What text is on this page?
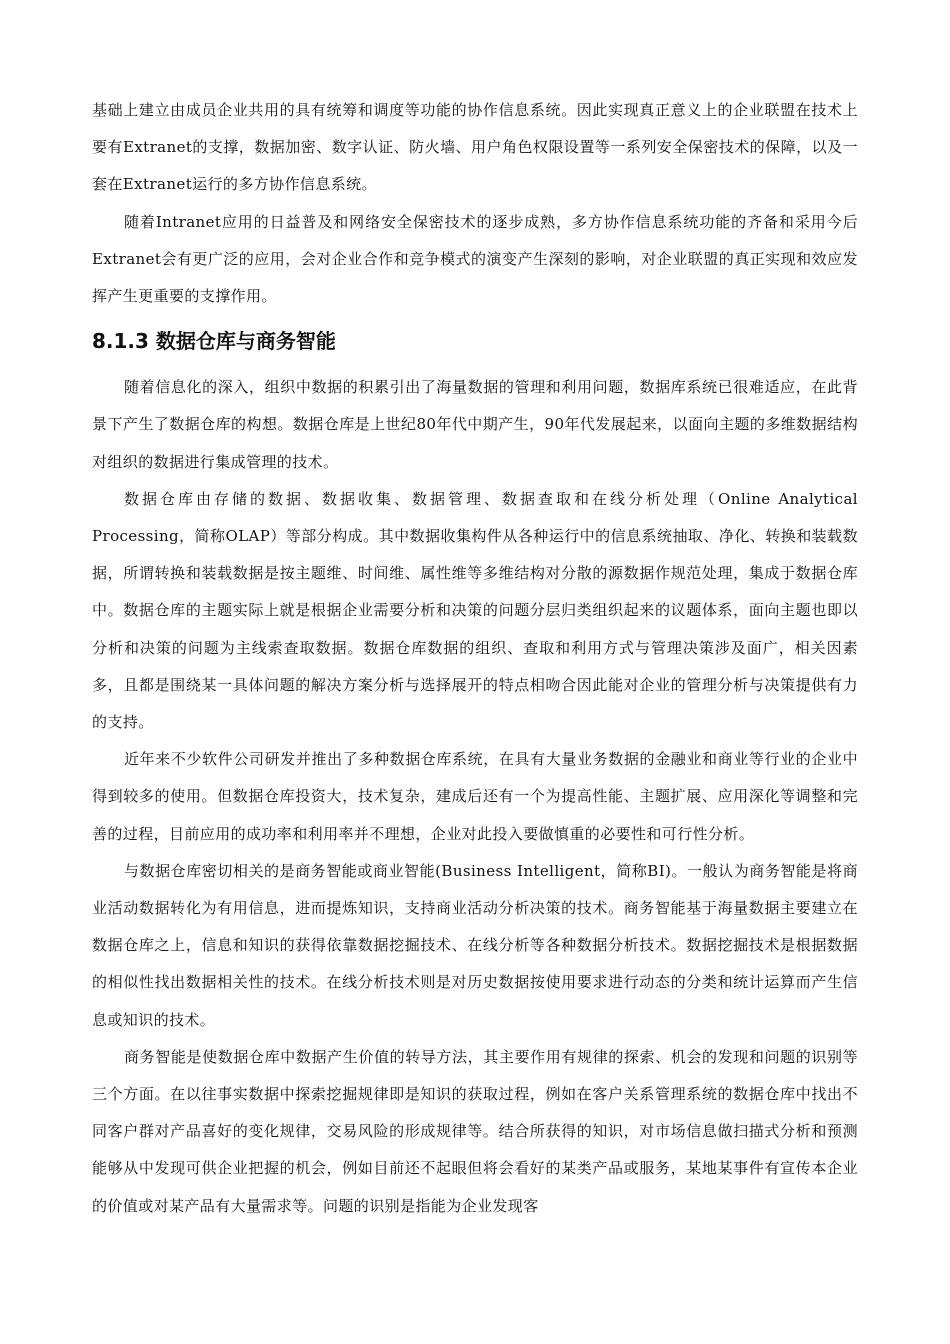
基础上建立由成员企业共用的具有统筹和调度等功能的协作信息系统。因此实现真正意义上的企业联盟在技术上要有Extranet的支撑，数据加密、数字认证、防火墙、用户角色权限设置等一系列安全保密技术的保障，以及一套在Extranet运行的多方协作信息系统。

随着Intranet应用的日益普及和网络安全保密技术的逐步成熟，多方协作信息系统功能的齐备和采用今后Extranet会有更广泛的应用，会对企业合作和竞争模式的演变产生深刻的影响，对企业联盟的真正实现和效应发挥产生更重要的支撑作用。

8.1.3 数据仓库与商务智能

随着信息化的深入，组织中数据的积累引出了海量数据的管理和利用问题，数据库系统已很难适应，在此背景下产生了数据仓库的构想。数据仓库是上世纪80年代中期产生，90年代发展起来，以面向主题的多维数据结构对组织的数据进行集成管理的技术。

数据仓库由存储的数据、数据收集、数据管理、数据查取和在线分析处理（Online Analytical Processing，简称OLAP）等部分构成。其中数据收集构件从各种运行中的信息系统抽取、净化、转换和装载数据，所谓转换和装载数据是按主题维、时间维、属性维等多维结构对分散的源数据作规范处理，集成于数据仓库中。数据仓库的主题实际上就是根据企业需要分析和决策的问题分层归类组织起来的议题体系，面向主题也即以分析和决策的问题为主线索查取数据。数据仓库数据的组织、查取和利用方式与管理决策涉及面广，相关因素多，且都是围绕某一具体问题的解决方案分析与选择展开的特点相吻合因此能对企业的管理分析与决策提供有力的支持。

近年来不少软件公司研发并推出了多种数据仓库系统，在具有大量业务数据的金融业和商业等行业的企业中得到较多的使用。但数据仓库投资大，技术复杂，建成后还有一个为提高性能、主题扩展、应用深化等调整和完善的过程，目前应用的成功率和利用率并不理想，企业对此投入要做慎重的必要性和可行性分析。

与数据仓库密切相关的是商务智能或商业智能(Business Intelligent，简称BI)。一般认为商务智能是将商业活动数据转化为有用信息，进而提炼知识，支持商业活动分析决策的技术。商务智能基于海量数据主要建立在数据仓库之上，信息和知识的获得依靠数据挖掘技术、在线分析等各种数据分析技术。数据挖掘技术是根据数据的相似性找出数据相关性的技术。在线分析技术则是对历史数据按使用要求进行动态的分类和统计运算而产生信息或知识的技术。

商务智能是使数据仓库中数据产生价值的转导方法，其主要作用有规律的探索、机会的发现和问题的识别等三个方面。在以往事实数据中探索挖掘规律即是知识的获取过程，例如在客户关系管理系统的数据仓库中找出不同客户群对产品喜好的变化规律，交易风险的形成规律等。结合所获得的知识，对市场信息做扫描式分析和预测能够从中发现可供企业把握的机会，例如目前还不起眼但将会看好的某类产品或服务，某地某事件有宣传本企业的价值或对某产品有大量需求等。问题的识别是指能为企业发现客
